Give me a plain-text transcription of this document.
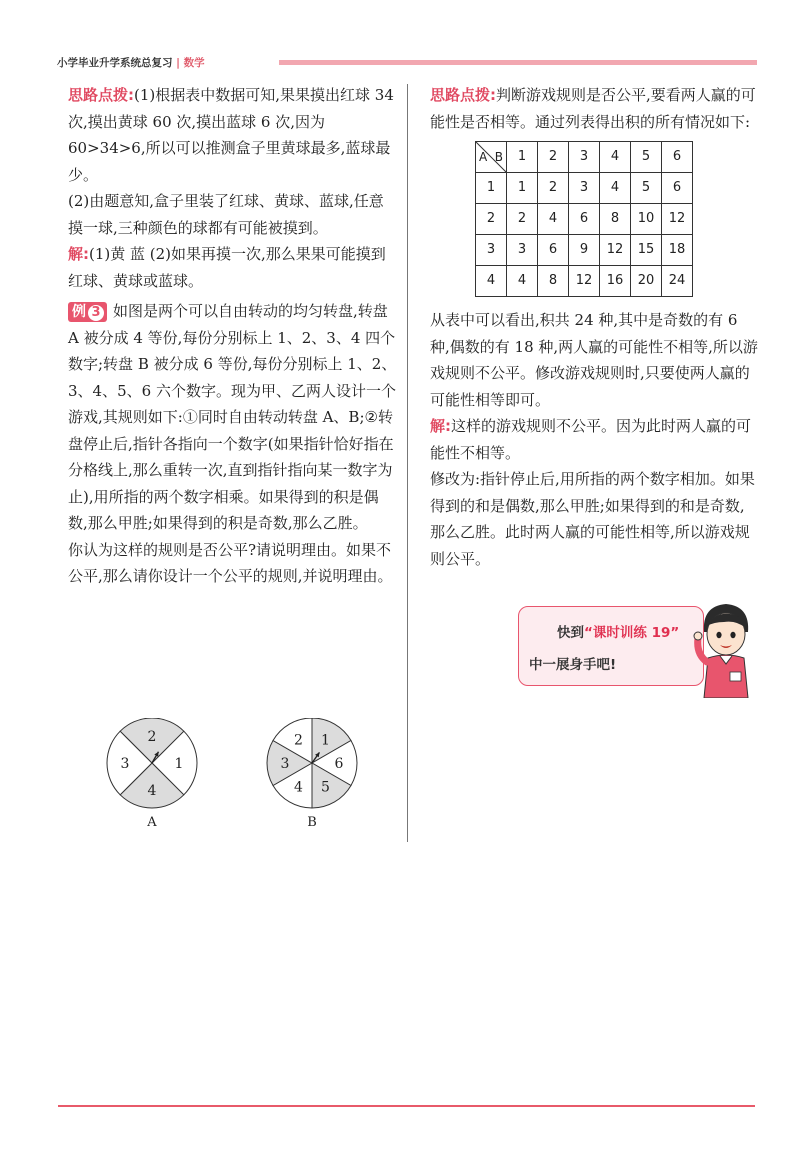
小学毕业升学系统总复习 | 数学

思路点拨:(1)根据表中数据可知,果果摸出红球 34 次,摸出黄球 60 次,摸出蓝球 6 次,因为 60>34>6,所以可以推测盒子里黄球最多,蓝球最少。

(2)由题意知,盒子里装了红球、黄球、蓝球,任意摸一球,三种颜色的球都有可能被摸到。

解:(1)黄 蓝 (2)如果再摸一次,那么果果可能摸到红球、黄球或蓝球。

例 3 如图是两个可以自由转动的均匀转盘,转盘 A 被分成 4 等份,每份分别标上 1、2、3、4 四个数字;转盘 B 被分成 6 等份,每份分别标上 1、2、3、4、5、6 六个数字。现为甲、乙两人设计一个游戏,其规则如下:①同时自由转动转盘 A、B;②转盘停止后,指针各指向一个数字(如果指针恰好指在分格线上,那么重转一次,直到指针指向某一数字为止),用所指的两个数字相乘。如果得到的积是偶数,那么甲胜;如果得到的积是奇数,那么乙胜。

你认为这样的规则是否公平?请说明理由。如果不公平,那么请你设计一个公平的规则,并说明理由。

1
2
3
4
A
1
2
3
4 5
6
B

思路点拨:判断游戏规则是否公平,要看两人赢的可能性是否相等。通过列表得出积的所有情况如下:

A B	1	2	3	4	5	6
1	1	2	3	4	5	6
2	2	4	6	8	10	12
3	3	6	9	12	15	18
4	4	8	12	16	20	24

从表中可以看出,积共 24 种,其中是奇数的有 6 种,偶数的有 18 种,两人赢的可能性不相等,所以游戏规则不公平。修改游戏规则时,只要使两人赢的可能性相等即可。

解:这样的游戏规则不公平。因为此时两人赢的可能性不相等。

修改为:指针停止后,用所指的两个数字相加。如果得到的和是偶数,那么甲胜;如果得到的和是奇数,那么乙胜。此时两人赢的可能性相等,所以游戏规则公平。

快到“课时训练 19”
中一展身手吧!
